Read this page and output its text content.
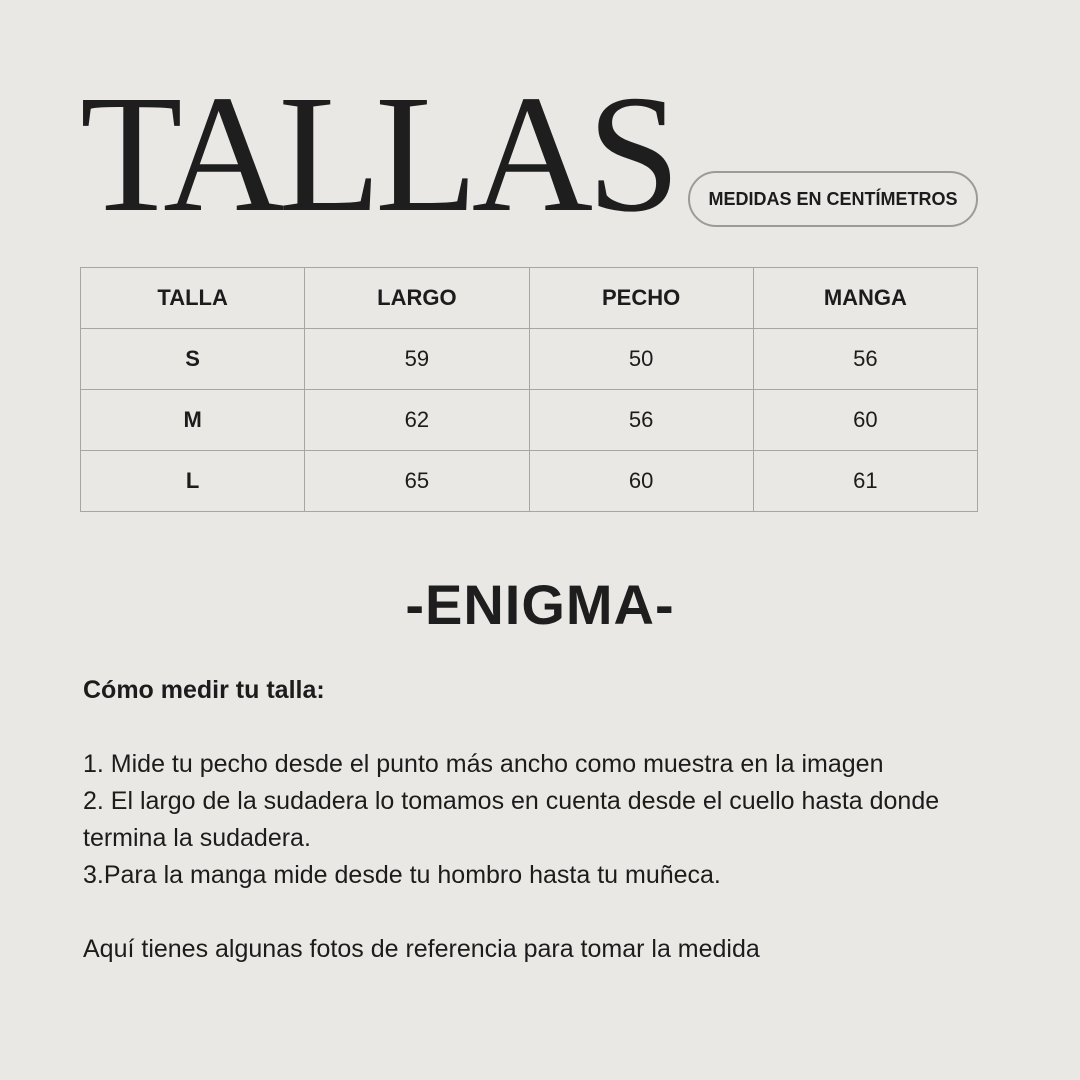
TALLAS	MEDIDAS EN CENTÍMETROS
TALLA	LARGO	PECHO	MANGA
S	59	50	56
M	62	56	60
L	65	60	61
-ENIGMA-

Cómo medir tu talla:

1. Mide tu pecho desde el punto más ancho como muestra en la imagen

2. El largo de la sudadera lo tomamos en cuenta desde el cuello hasta donde termina la sudadera.

3.Para la manga mide desde tu hombro hasta tu muñeca.

Aquí tienes algunas fotos de referencia para tomar la medida
